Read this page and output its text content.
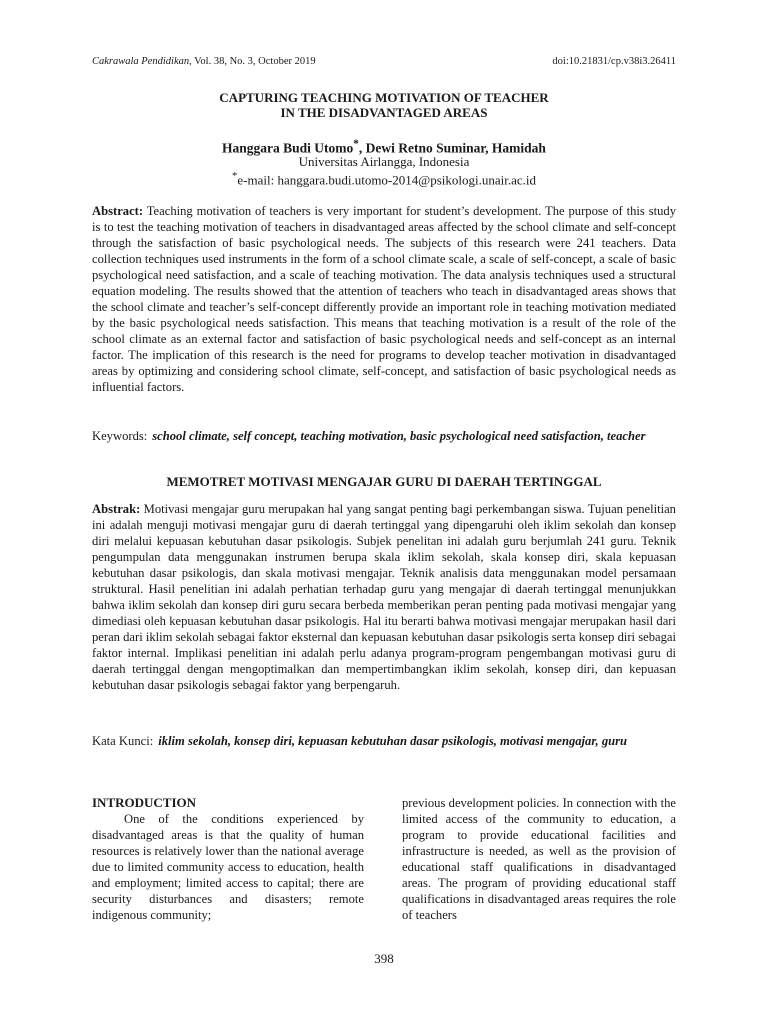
Cakrawala Pendidikan, Vol. 38, No. 3, October 2019	doi:10.21831/cp.v38i3.26411
CAPTURING TEACHING MOTIVATION OF TEACHER
IN THE DISADVANTAGED AREAS
Hanggara Budi Utomo*, Dewi Retno Suminar, Hamidah
Universitas Airlangga, Indonesia
*e-mail: hanggara.budi.utomo-2014@psikologi.unair.ac.id
Abstract: Teaching motivation of teachers is very important for student’s development. The purpose of this study is to test the teaching motivation of teachers in disadvantaged areas affected by the school climate and self-concept through the satisfaction of basic psychological needs. The subjects of this research were 241 teachers. Data collection techniques used instruments in the form of a school climate scale, a scale of self-concept, a scale of basic psychological need satisfaction, and a scale of teaching motivation. The data analysis techniques used a structural equation modeling. The results showed that the attention of teachers who teach in disadvantaged areas shows that the school climate and teacher’s self-concept differently provide an important role in teaching motivation mediated by the basic psychological needs satisfaction. This means that teaching motivation is a result of the role of the school climate as an external factor and satisfaction of basic psychological needs and self-concept as an internal factor. The implication of this research is the need for programs to develop teacher motivation in disadvantaged areas by optimizing and considering school climate, self-concept, and satisfaction of basic psychological needs as influential factors.
Keywords: school climate, self concept, teaching motivation, basic psychological need satisfaction, teacher
MEMOTRET MOTIVASI MENGAJAR GURU DI DAERAH TERTINGGAL
Abstrak: Motivasi mengajar guru merupakan hal yang sangat penting bagi perkembangan siswa. Tujuan penelitian ini adalah menguji motivasi mengajar guru di daerah tertinggal yang dipengaruhi oleh iklim sekolah dan konsep diri melalui kepuasan kebutuhan dasar psikologis. Subjek penelitan ini adalah guru berjumlah 241 guru. Teknik pengumpulan data menggunakan instrumen berupa skala iklim sekolah, skala konsep diri, skala kepuasan kebutuhan dasar psikologis, dan skala motivasi mengajar. Teknik analisis data menggunakan model persamaan struktural. Hasil penelitian ini adalah perhatian terhadap guru yang mengajar di daerah tertinggal menunjukkan bahwa iklim sekolah dan konsep diri guru secara berbeda memberikan peran penting pada motivasi mengajar yang dimediasi oleh kepuasan kebutuhan dasar psikologis. Hal itu berarti bahwa motivasi mengajar merupakan hasil dari peran dari iklim sekolah sebagai faktor eksternal dan kepuasan kebutuhan dasar psikologis serta konsep diri sebagai faktor internal. Implikasi penelitian ini adalah perlu adanya program-program pengembangan motivasi guru di daerah tertinggal dengan mengoptimalkan dan mempertimbangkan iklim sekolah, konsep diri, dan kepuasan kebutuhan dasar psikologis sebagai faktor yang berpengaruh.
Kata Kunci: iklim sekolah, konsep diri, kepuasan kebutuhan dasar psikologis, motivasi mengajar, guru
INTRODUCTION

One of the conditions experienced by disadvantaged areas is that the quality of human resources is relatively lower than the national average due to limited community access to education, health and employment; limited access to capital; there are security disturbances and disasters; remote indigenous community;

previous development policies. In connection with the limited access of the community to education, a program to provide educational facilities and infrastructure is needed, as well as the provision of educational staff qualifications in disadvantaged areas. The program of providing educational staff qualifications in disadvantaged areas requires the role of teachers

398
